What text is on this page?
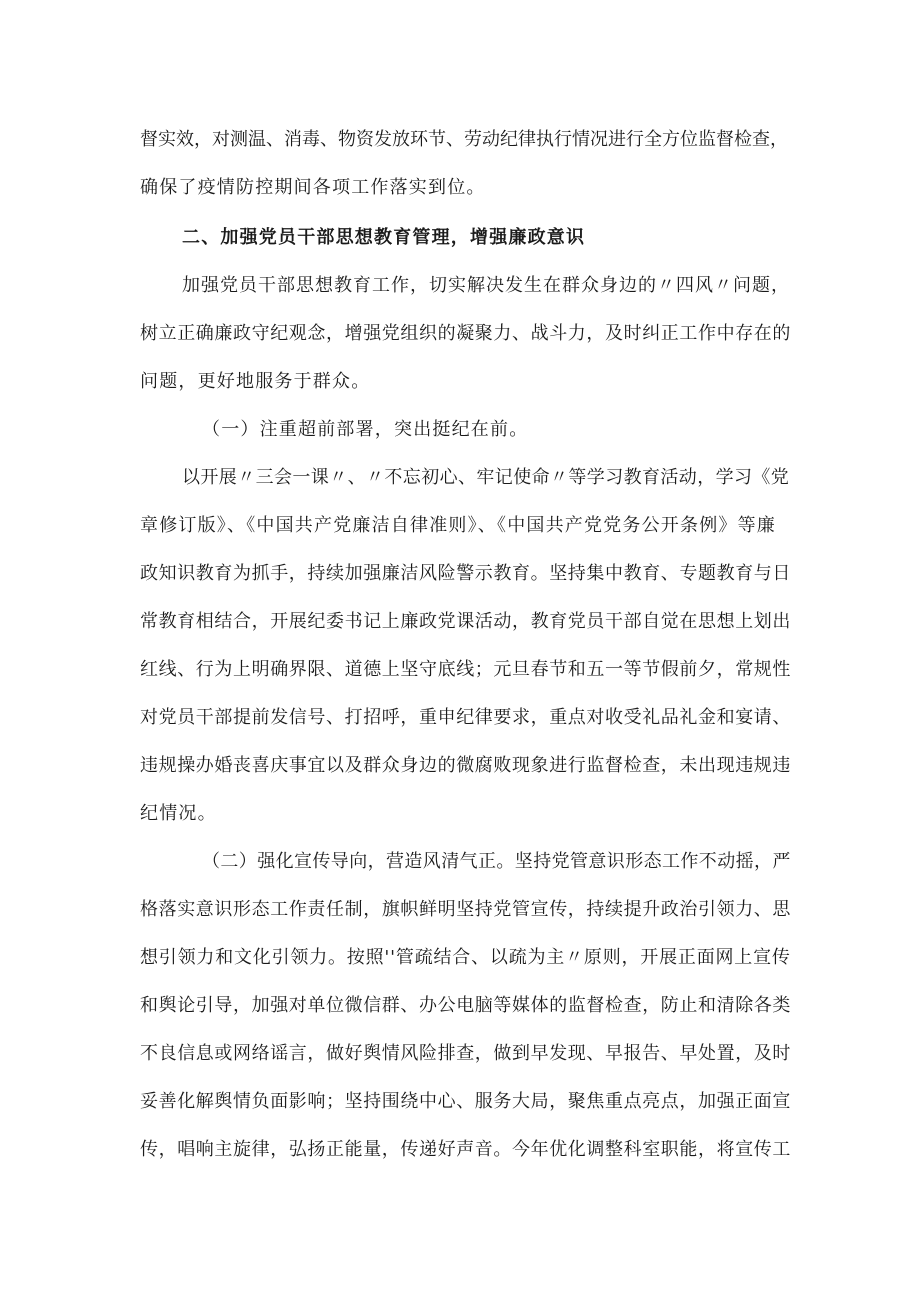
督实效，对测温、消毒、物资发放环节、劳动纪律执行情况进行全方位监督检查，
确保了疫情防控期间各项工作落实到位。
二、加强党员干部思想教育管理，增强廉政意识
加强党员干部思想教育工作，切实解决发生在群众身边的〃四风〃问题，
树立正确廉政守纪观念，增强党组织的凝聚力、战斗力，及时纠正工作中存在的
问题，更好地服务于群众。
（一）注重超前部署，突出挺纪在前。
以开展〃三会一课〃、〃不忘初心、牢记使命〃等学习教育活动，学习《党
章修订版》、《中国共产党廉洁自律准则》、《中国共产党党务公开条例》等廉
政知识教育为抓手，持续加强廉洁风险警示教育。坚持集中教育、专题教育与日
常教育相结合，开展纪委书记上廉政党课活动，教育党员干部自觉在思想上划出
红线、行为上明确界限、道德上坚守底线；元旦春节和五一等节假前夕，常规性
对党员干部提前发信号、打招呼，重申纪律要求，重点对收受礼品礼金和宴请、
违规操办婚丧喜庆事宜以及群众身边的微腐败现象进行监督检查，未出现违规违
纪情况。
（二）强化宣传导向，营造风清气正。坚持党管意识形态工作不动摇，严
格落实意识形态工作责任制，旗帜鲜明坚持党管宣传，持续提升政治引领力、思
想引领力和文化引领力。按照''管疏结合、以疏为主〃原则，开展正面网上宣传
和舆论引导，加强对单位微信群、办公电脑等媒体的监督检查，防止和清除各类
不良信息或网络谣言，做好舆情风险排查，做到早发现、早报告、早处置，及时
妥善化解舆情负面影响；坚持围绕中心、服务大局，聚焦重点亮点，加强正面宣
传，唱响主旋律，弘扬正能量，传递好声音。今年优化调整科室职能，将宣传工
